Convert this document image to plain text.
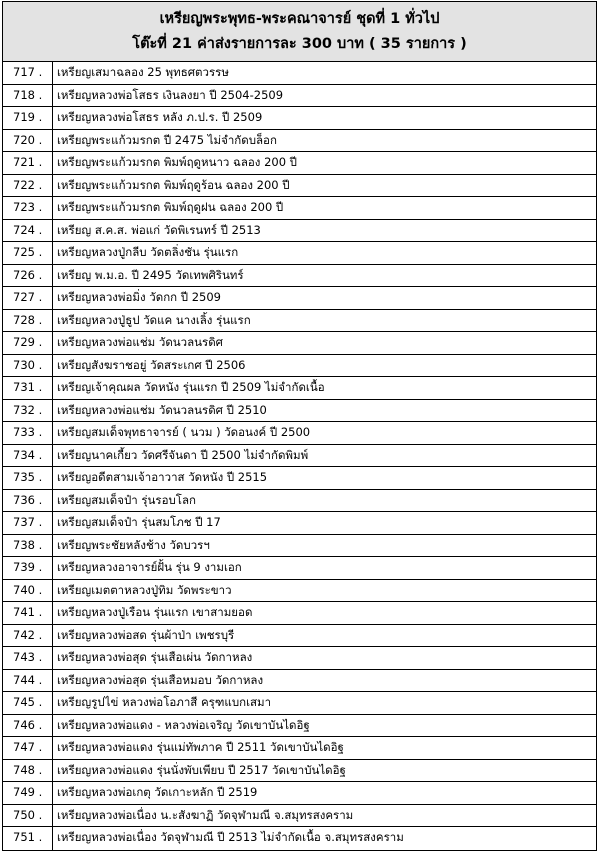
เหรียญพระพุทธ-พระคณาจารย์ ชุดที่ 1 ทั่วไป
โต๊ะที่ 21 ค่าส่งรายการละ 300 บาท ( 35 รายการ )
717 .	เหรียญเสมาฉลอง 25 พุทธศตวรรษ
718 .	เหรียญหลวงพ่อโสธร เงินลงยา ปี 2504-2509
719 .	เหรียญหลวงพ่อโสธร หลัง ภ.ป.ร. ปี 2509
720 .	เหรียญพระแก้วมรกต ปี 2475 ไม่จำกัดบล็อก
721 .	เหรียญพระแก้วมรกต พิมพ์ฤดูหนาว ฉลอง 200 ปี
722 .	เหรียญพระแก้วมรกต พิมพ์ฤดูร้อน ฉลอง 200 ปี
723 .	เหรียญพระแก้วมรกต พิมพ์ฤดูฝน ฉลอง 200 ปี
724 .	เหรียญ ส.ค.ส. พ่อแก่ วัดพิเรนทร์ ปี 2513
725 .	เหรียญหลวงปู่กลีบ วัดตลิ่งชัน รุ่นแรก
726 .	เหรียญ พ.ม.อ. ปี 2495 วัดเทพศิรินทร์
727 .	เหรียญหลวงพ่อมิ่ง วัดกก ปี 2509
728 .	เหรียญหลวงปู่ธูป วัดแค นางเลิ้ง รุ่นแรก
729 .	เหรียญหลวงพ่อแช่ม วัดนวลนรดิศ
730 .	เหรียญสังฆราชอยู่ วัดสระเกศ ปี 2506
731 .	เหรียญเจ้าคุณผล วัดหนัง รุ่นแรก ปี 2509 ไม่จำกัดเนื้อ
732 .	เหรียญหลวงพ่อแช่ม วัดนวลนรดิศ ปี 2510
733 .	เหรียญสมเด็จพุทธาจารย์ ( นวม ) วัดอนงค์ ปี 2500
734 .	เหรียญนาคเกี้ยว วัดศรีจันดา ปี 2500 ไม่จำกัดพิมพ์
735 .	เหรียญอดีตสามเจ้าอาวาส วัดหนัง ปี 2515
736 .	เหรียญสมเด็จป๋า รุ่นรอบโลก
737 .	เหรียญสมเด็จป๋า รุ่นสมโภช ปี 17
738 .	เหรียญพระชัยหลังช้าง วัดบวรฯ
739 .	เหรียญหลวงอาจารย์ฝั้น รุ่น 9 งามเอก
740 .	เหรียญเมตตาหลวงปู่ทิม วัดพระขาว
741 .	เหรียญหลวงปู่เรือน รุ่นแรก เขาสามยอด
742 .	เหรียญหลวงพ่อสด รุ่นผ้าป่า เพชรบุรี
743 .	เหรียญหลวงพ่อสุด รุ่นเสือเผ่น วัดกาหลง
744 .	เหรียญหลวงพ่อสุด รุ่นเสือหมอบ วัดกาหลง
745 .	เหรียญรูปไข่ หลวงพ่อโอภาสี ครุฑแบกเสมา
746 .	เหรียญหลวงพ่อแดง - หลวงพ่อเจริญ วัดเขาบันไดอิฐ
747 .	เหรียญหลวงพ่อแดง รุ่นแม่ทัพภาค ปี 2511 วัดเขาบันไดอิฐ
748 .	เหรียญหลวงพ่อแดง รุ่นนั่งพับเพียบ ปี 2517 วัดเขาบันไดอิฐ
749 .	เหรียญหลวงพ่อเกตุ วัดเกาะหลัก ปี 2519
750 .	เหรียญหลวงพ่อเนื่อง น.ะสังฆาฏิ วัดจุฬามณี จ.สมุทรสงคราม
751 .	เหรียญหลวงพ่อเนื่อง วัดจุฬามณี ปี 2513 ไม่จำกัดเนื้อ จ.สมุทรสงคราม
